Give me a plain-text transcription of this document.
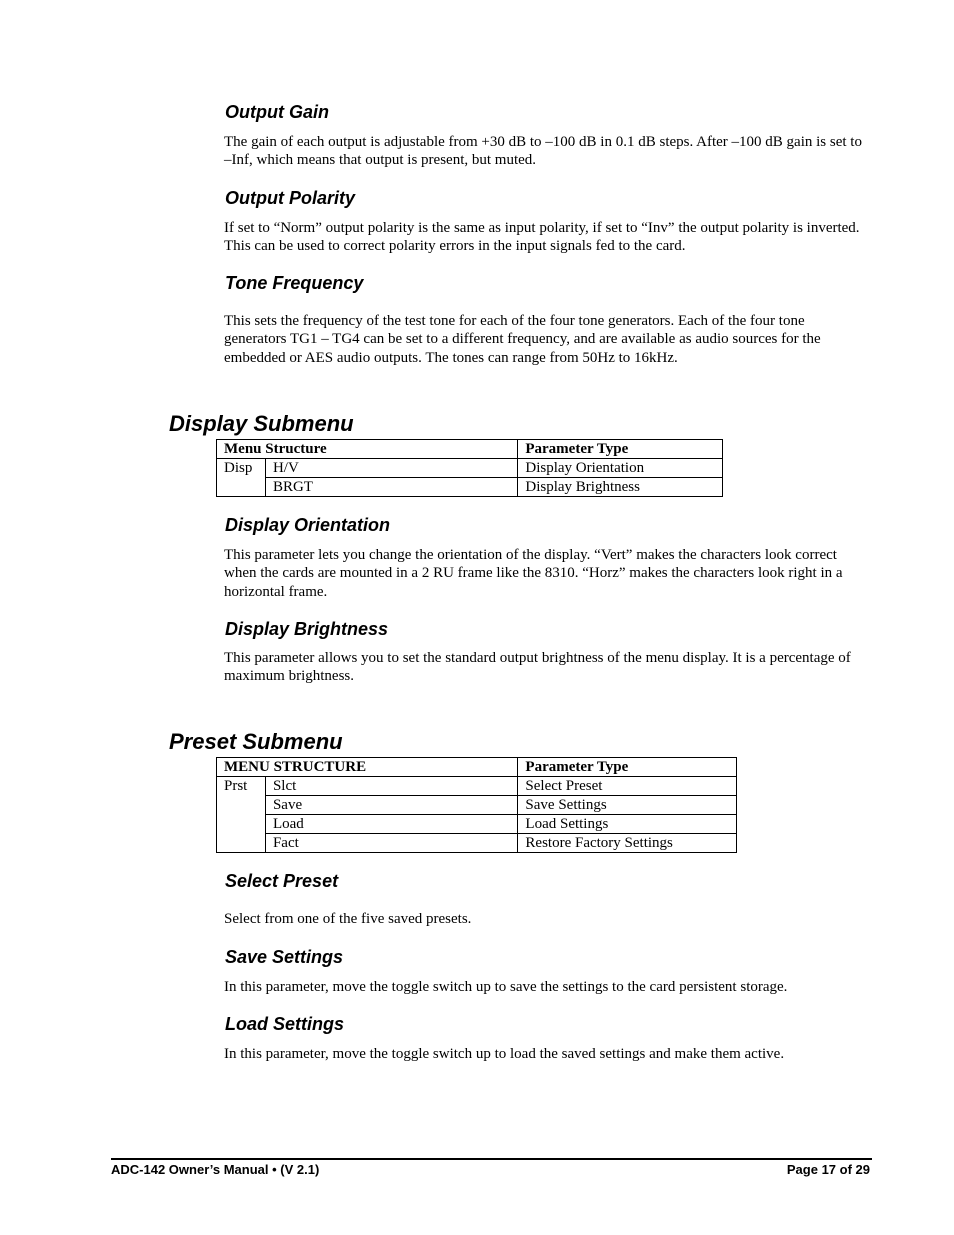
Output Gain

The gain of each output is adjustable from +30 dB to –100 dB in 0.1 dB steps. After –100 dB gain is set to –Inf, which means that output is present, but muted.

Output Polarity

If set to “Norm” output polarity is the same as input polarity, if set to “Inv” the output polarity is inverted. This can be used to correct polarity errors in the input signals fed to the card.

Tone Frequency

This sets the frequency of the test tone for each of the four tone generators. Each of the four tone generators TG1 – TG4 can be set to a different frequency, and are available as audio sources for the embedded or AES audio outputs. The tones can range from 50Hz to 16kHz.

Display Submenu
Menu Structure		Parameter Type
Disp	H/V	Display Orientation
	BRGT	Display Brightness
Display Orientation

This parameter lets you change the orientation of the display. “Vert” makes the characters look correct when the cards are mounted in a 2 RU frame like the 8310. “Horz” makes the characters look right in a horizontal frame.

Display Brightness

This parameter allows you to set the standard output brightness of the menu display. It is a percentage of maximum brightness.

Preset Submenu
MENU STRUCTURE		Parameter Type
Prst	Slct	Select Preset
	Save	Save Settings
	Load	Load Settings
	Fact	Restore Factory Settings
Select Preset

Select from one of the five saved presets.

Save Settings

In this parameter, move the toggle switch up to save the settings to the card persistent storage.

Load Settings

In this parameter, move the toggle switch up to load the saved settings and make them active.

ADC-142 Owner’s Manual • (V 2.1)	Page 17 of 29
